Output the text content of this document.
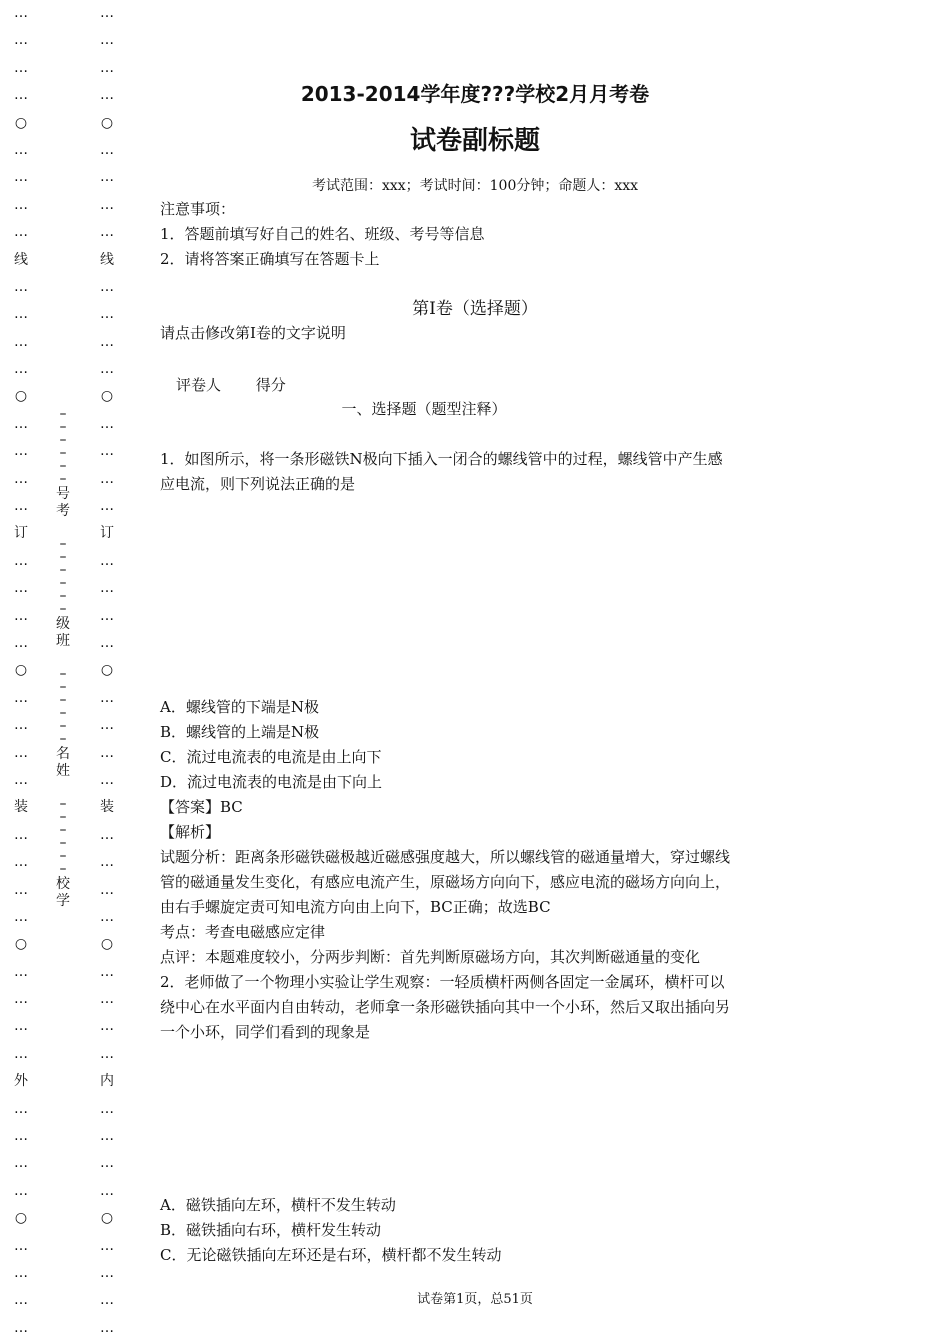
…
…
…
…
○
…
…
…
…
线
…
…
…
…
○
…
…
…
…
订
…
…
…
…
○
…
…
…
…
装
…
…
…
…
○
…
…
…
…
外
…
…
…
…
○
…
…
…
…
…
…
…
…
○
…
…
…
…
线
…
…
…
…
○
…
…
…
…
订
…
…
…
…
○
…
…
…
…
装
…
…
…
…
○
…
…
…
…
内
…
…
…
…
○
…
…
…
…
–
–
–
–
–
–
号
考
–
–
–
–
–
–
级
班
–
–
–
–
–
–
名
姓
–
–
–
–
–
–
校
学
2013-2014学年度???学校2月月考卷
试卷副标题
考试范围：xxx；考试时间：100分钟；命题人：xxx
注意事项：
1．答题前填写好自己的姓名、班级、考号等信息
2．请将答案正确填写在答题卡上
第I卷（选择题）
请点击修改第I卷的文字说明
评卷人 得分
一、选择题（题型注释）
1．如图所示，将一条形磁铁N极向下插入一闭合的螺线管中的过程，螺线管中产生感
应电流，则下列说法正确的是
A．螺线管的下端是N极
B．螺线管的上端是N极
C．流过电流表的电流是由上向下
D．流过电流表的电流是由下向上
【答案】BC
【解析】
试题分析：距离条形磁铁磁极越近磁感强度越大，所以螺线管的磁通量增大，穿过螺线
管的磁通量发生变化，有感应电流产生，原磁场方向向下，感应电流的磁场方向向上，
由右手螺旋定责可知电流方向由上向下，BC正确；故选BC
考点：考查电磁感应定律
点评：本题难度较小，分两步判断：首先判断原磁场方向，其次判断磁通量的变化
2．老师做了一个物理小实验让学生观察：一轻质横杆两侧各固定一金属环，横杆可以
绕中心在水平面内自由转动，老师拿一条形磁铁插向其中一个小环，然后又取出插向另
一个小环，同学们看到的现象是
A．磁铁插向左环，横杆不发生转动
B．磁铁插向右环，横杆发生转动
C．无论磁铁插向左环还是右环，横杆都不发生转动
试卷第1页，总51页
